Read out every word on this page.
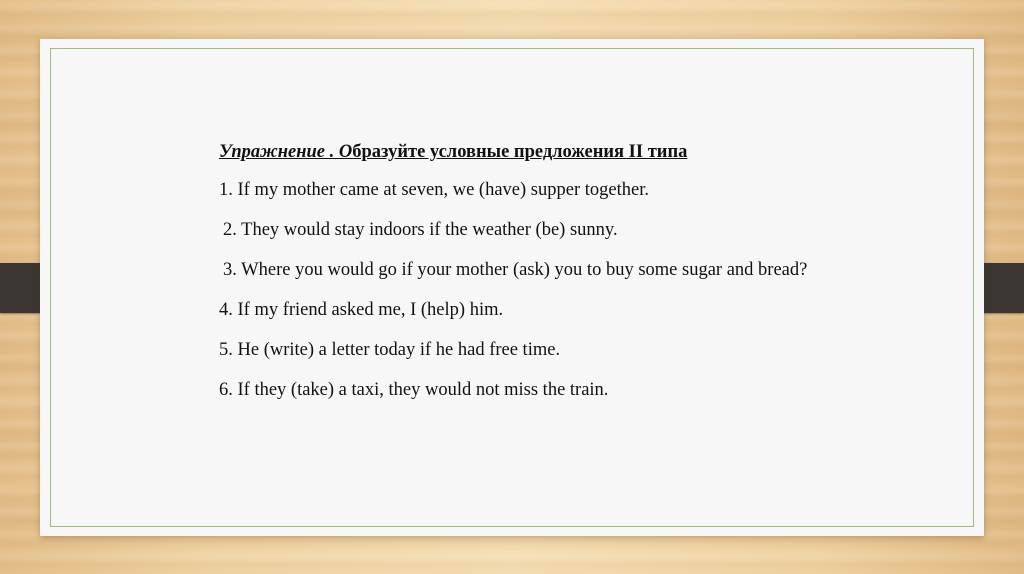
Упражнение . Образуйте условные предложения II типа
1. If my mother came at seven, we (have) supper together.
2. They would stay indoors if the weather (be) sunny.
3. Where you would go if your mother (ask) you to buy some sugar and bread?
4. If my friend asked me, I (help) him.
5. He (write) a letter today if he had free time.
6. If they (take) a taxi, they would not miss the train.
